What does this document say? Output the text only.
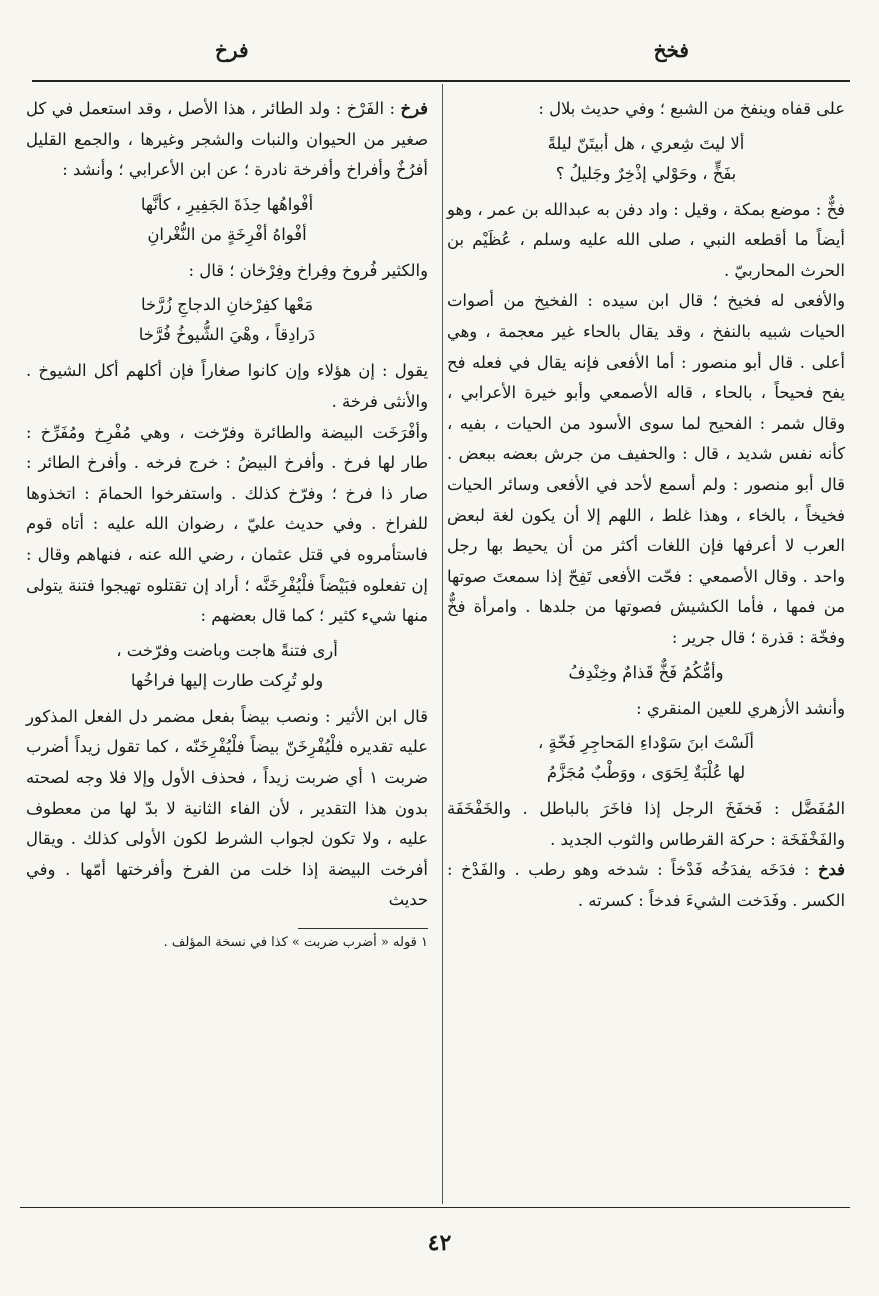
فخخ
فرخ

على قفاه وينفخ من الشبع ؛ وفي حديث بلال :

ألا ليتَ شِعري ، هل أبيتَنّ ليلةً
بفَخٍّ ، وحَوْلي إذْخِرٌ وجَليلُ ؟

فخٌّ : موضع بمكة ، وقيل : واد دفن به عبدالله بن عمر ، وهو أيضاً ما أقطعه النبي ، صلى الله عليه وسلم ، عُظَيْم بن الحرث المحاربيّ .

والأفعى له فخيخ ؛ قال ابن سيده : الفخيخ من أصوات الحيات شبيه بالنفخ ، وقد يقال بالحاء غير معجمة ، وهي أعلى . قال أبو منصور : أما الأفعى فإنه يقال في فعله فح يفح فحيحاً ، بالحاء ، قاله الأصمعي وأبو خيرة الأعرابي ، وقال شمر : الفحيح لما سوى الأسود من الحيات ، بفيه ، كأنه نفس شديد ، قال : والحفيف من جرش بعضه ببعض . قال أبو منصور : ولم أسمع لأحد في الأفعى وسائر الحيات فخيخاً ، بالخاء ، وهذا غلط ، اللهم إلا أن يكون لغة لبعض العرب لا أعرفها فإن اللغات أكثر من أن يحيط بها رجل واحد . وقال الأصمعي : فحّت الأفعى تَفِحّ إذا سمعتَ صوتها من فمها ، فأما الكشيش فصوتها من جلدها . وامرأة فخٌّ وفخّة : قذرة ؛ قال جرير :

وأمُّكُمُ فَخٌّ قَذامٌ وخِنْدِفُ

وأنشد الأزهري للعين المنقري :

ألَسْتَ ابنَ سَوْداءِ المَحاجِرِ فَخّةٍ ،
لها عُلْبَةٌ لِحَوَى ، ووَطْبٌ مُجَزَّمُ

المُفَضَّل : فَخفَخَ الرجل إذا فاخَرَ بالباطل . والخَفْخَفَة والفَخْفَخَة : حركة القرطاس والثوب الجديد .

فدخ : فدَخَه يفدَخُه فَدْخاً : شدخه وهو رطب . والفَدْخ : الكسر . وفَدَخت الشيءَ فدخاً : كسرته .

فرخ : الفَرْخ : ولد الطائر ، هذا الأصل ، وقد استعمل في كل صغير من الحيوان والنبات والشجر وغيرها ، والجمع القليل أفرُخٌ وأفراخ وأفرخة نادرة ؛ عن ابن الأعرابي ؛ وأنشد :

أفْواهُها حِذَةَ الجَفِيرِ ، كأنَّها
أفْواهُ أفْرِخَةٍ من النُّغْرانِ

والكثير فُروخ وفِراخ وفِرْخان ؛ قال :

مَعْها كفِرْخانِ الدجاجِ زُرَّخا
دَرادِقاً ، وهْيَ الشُّيوخُ فُرَّخا

يقول : إن هؤلاء وإن كانوا صغاراً فإن أكلهم أكل الشيوخ . والأنثى فرخة .

وأفْرَخَت البيضة والطائرة وفرّخت ، وهي مُفْرِخ ومُفَرِّخ : طار لها فرخ . وأفرخ البيضُ : خرج فرخه . وأفرخ الطائر : صار ذا فرخ ؛ وفرّخ كذلك . واستفرخوا الحمامَ : اتخذوها للفراخ . وفي حديث عليّ ، رضوان الله عليه : أتاه قوم فاستأمروه في قتل عثمان ، رضي الله عنه ، فنهاهم وقال : إن تفعلوه فبَيْضاً فلْيُفْرِخَنَّه ؛ أراد إن تقتلوه تهيجوا فتنة يتولى منها شيء كثير ؛ كما قال بعضهم :

أرى فتنةً هاجت وباضت وفرّخت ،
ولو تُرِكت طارت إليها فراخُها

قال ابن الأثير : ونصب بيضاً بفعل مضمر دل الفعل المذكور عليه تقديره فلْيُفْرِخَنّ بيضاً فلْيُفْرِخَنّه ، كما تقول زيداً أضرب ضربت ١ أي ضربت زيداً ، فحذف الأول وإلا فلا وجه لصحته بدون هذا التقدير ، لأن الفاء الثانية لا بدّ لها من معطوف عليه ، ولا تكون لجواب الشرط لكون الأولى كذلك . ويقال أفرخت البيضة إذا خلت من الفرخ وأفرختها أمّها . وفي حديث

١ قوله « أضرب ضربت » كذا في نسخة المؤلف .
٤٢
